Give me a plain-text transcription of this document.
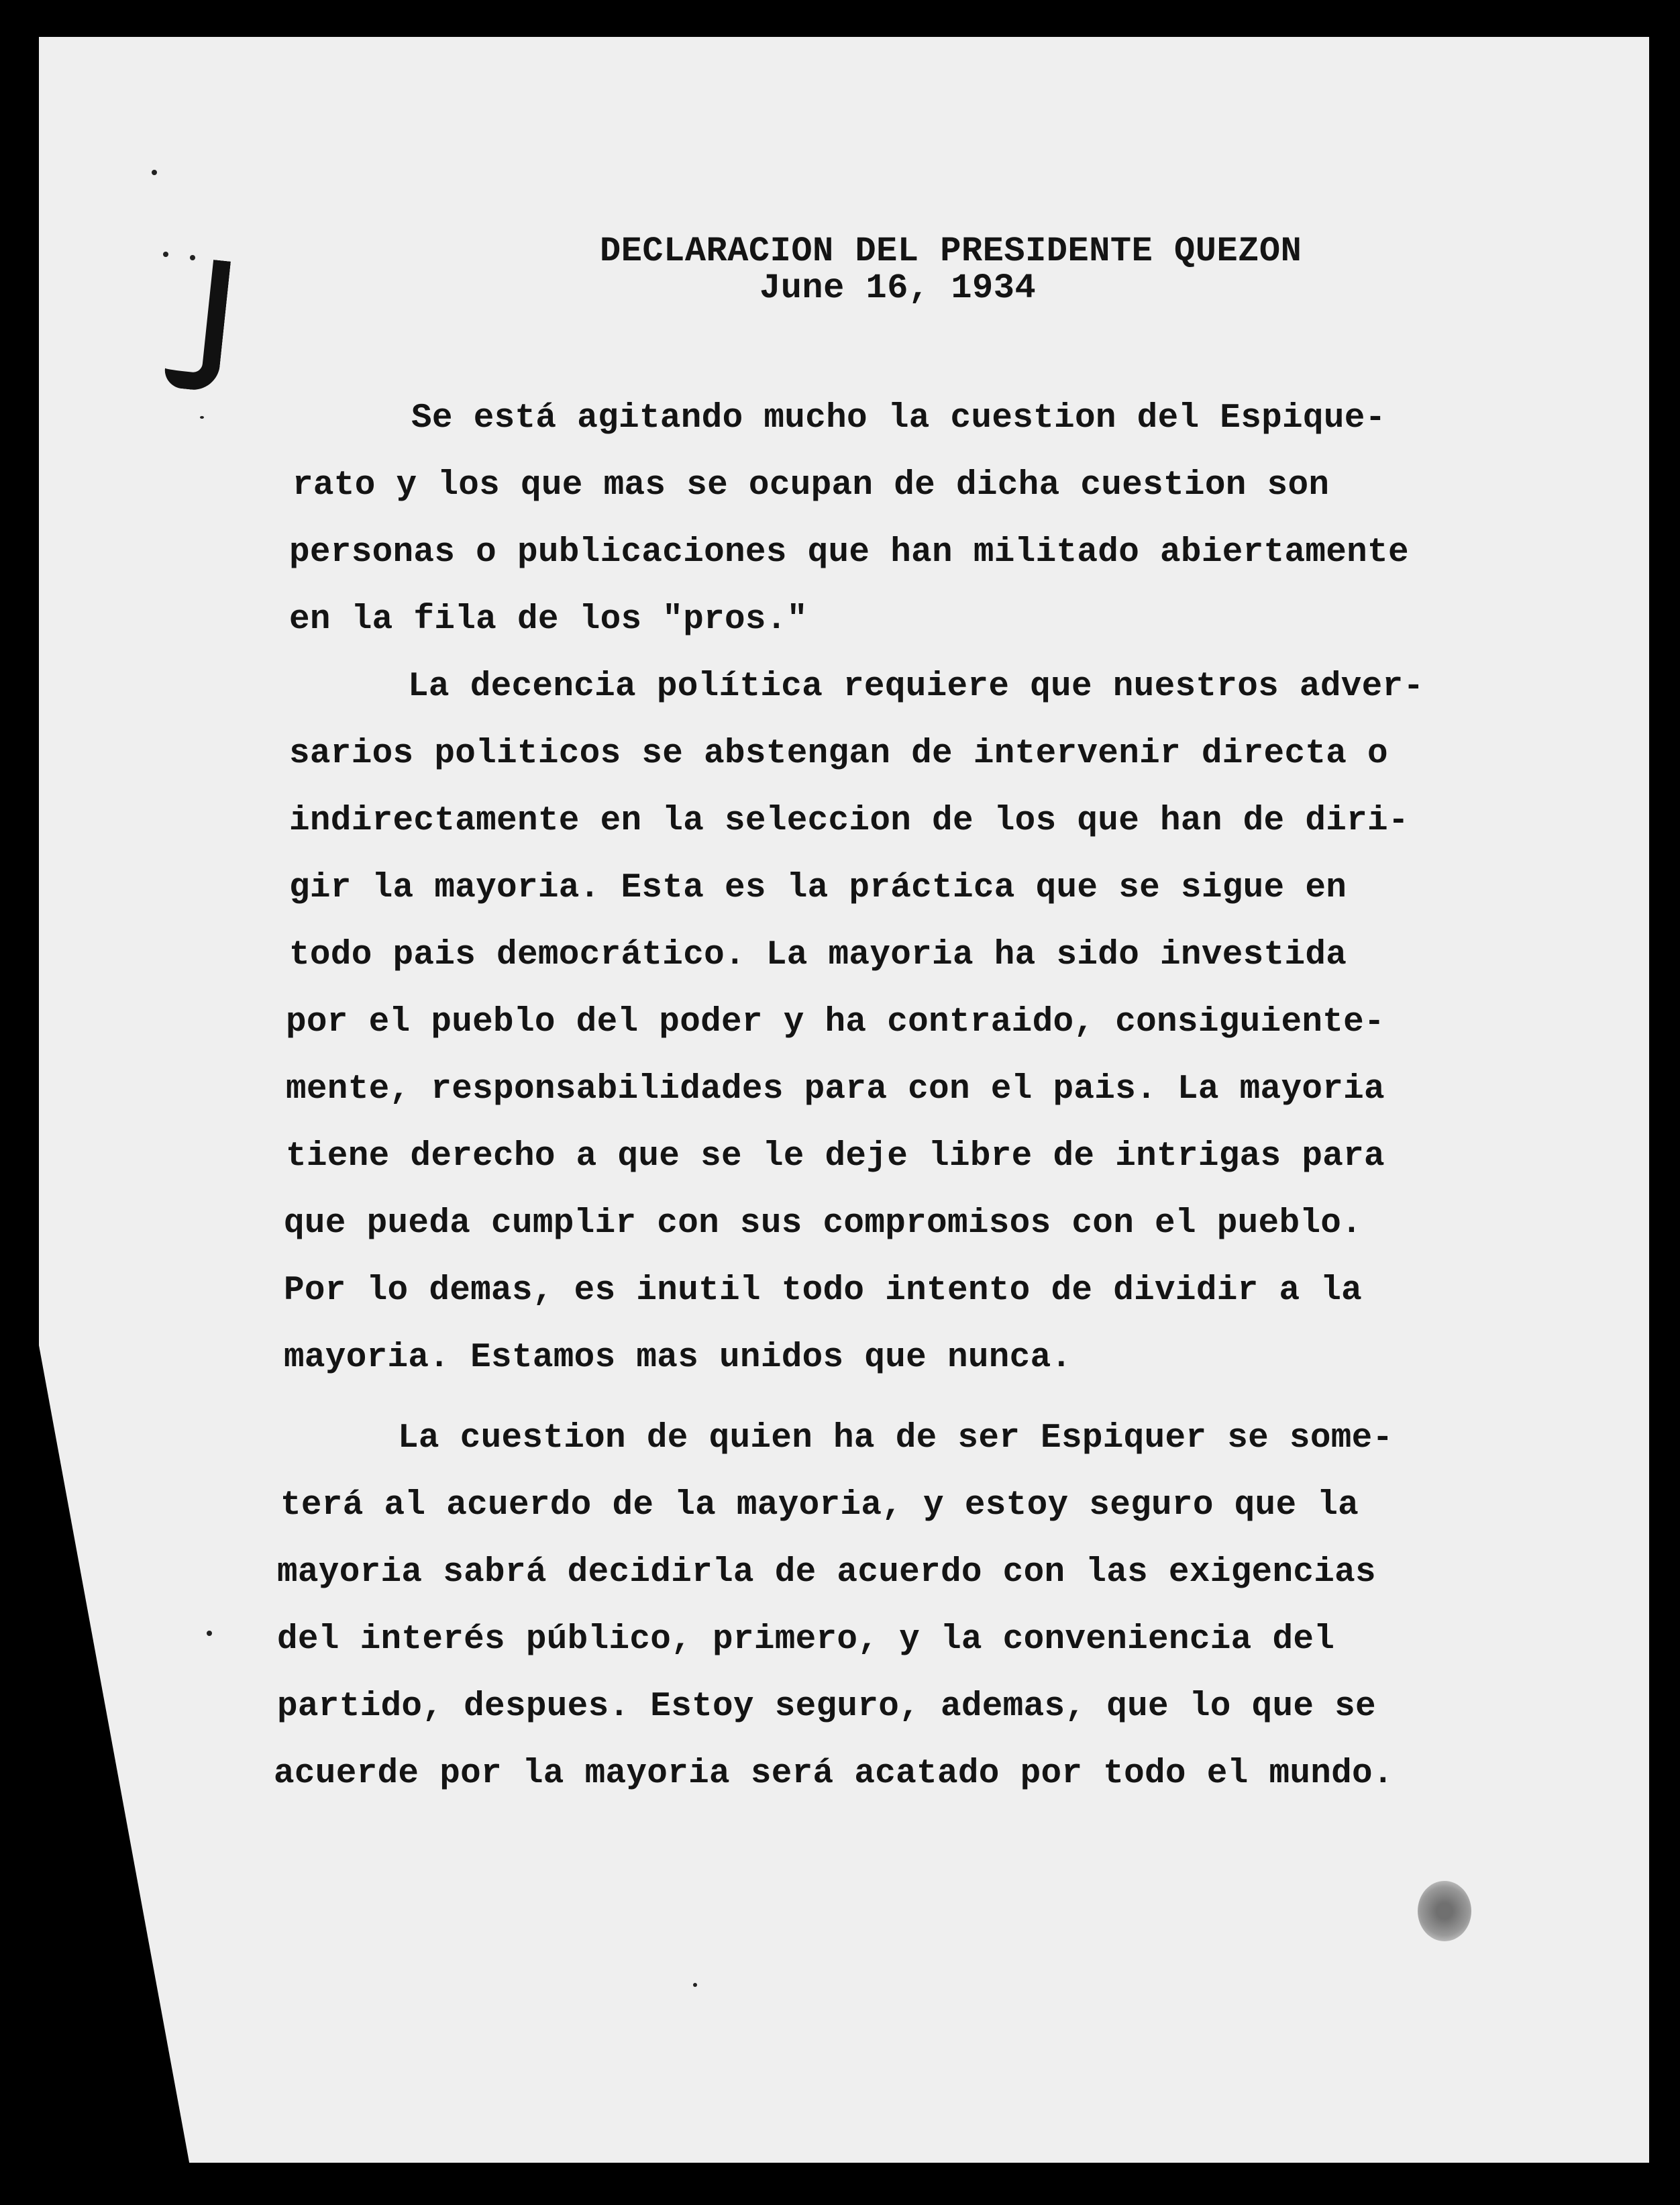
DECLARACION DEL PRESIDENTE QUEZON
June 16, 1934
Se está agitando mucho la cuestion del Espique-
rato y los que mas se ocupan de dicha cuestion son
personas o publicaciones que han militado abiertamente
en la fila de los "pros."
La decencia política requiere que nuestros adver-
sarios politicos se abstengan de intervenir directa o
indirectamente en la seleccion de los que han de diri-
gir la mayoria. Esta es la práctica que se sigue en
todo pais democrático. La mayoria ha sido investida
por el pueblo del poder y ha contraido, consiguiente-
mente, responsabilidades para con el pais. La mayoria
tiene derecho a que se le deje libre de intrigas para
que pueda cumplir con sus compromisos con el pueblo.
Por lo demas, es inutil todo intento de dividir a la
mayoria. Estamos mas unidos que nunca.
La cuestion de quien ha de ser Espiquer se some-
terá al acuerdo de la mayoria, y estoy seguro que la
mayoria sabrá decidirla de acuerdo con las exigencias
del interés público, primero, y la conveniencia del
partido, despues. Estoy seguro, ademas, que lo que se
acuerde por la mayoria será acatado por todo el mundo.
